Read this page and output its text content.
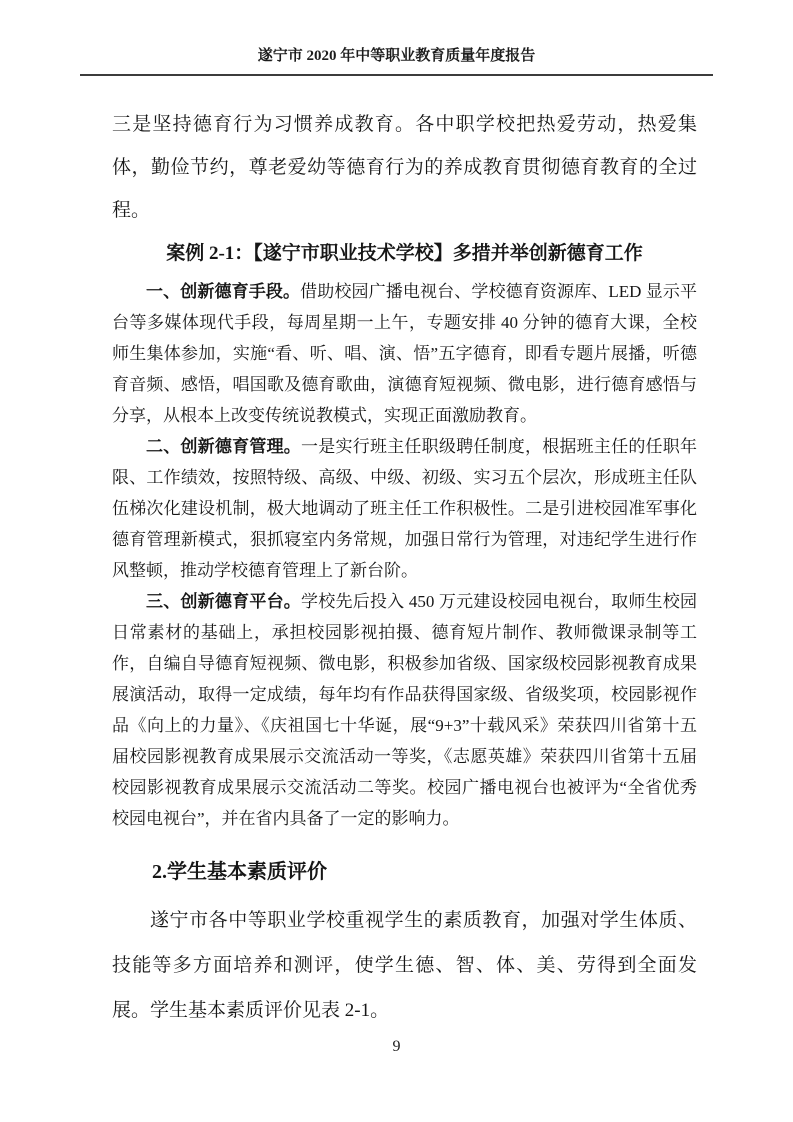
遂宁市 2020 年中等职业教育质量年度报告

三是坚持德育行为习惯养成教育。各中职学校把热爱劳动，热爱集体，勤俭节约，尊老爱幼等德育行为的养成教育贯彻德育教育的全过程。

案例 2-1：【遂宁市职业技术学校】多措并举创新德育工作

一、创新德育手段。借助校园广播电视台、学校德育资源库、LED 显示平台等多媒体现代手段，每周星期一上午，专题安排 40 分钟的德育大课，全校师生集体参加，实施“看、听、唱、演、悟”五字德育，即看专题片展播，听德育音频、感悟，唱国歌及德育歌曲，演德育短视频、微电影，进行德育感悟与分享，从根本上改变传统说教模式，实现正面激励教育。

二、创新德育管理。一是实行班主任职级聘任制度，根据班主任的任职年限、工作绩效，按照特级、高级、中级、初级、实习五个层次，形成班主任队伍梯次化建设机制，极大地调动了班主任工作积极性。二是引进校园准军事化德育管理新模式，狠抓寝室内务常规，加强日常行为管理，对违纪学生进行作风整顿，推动学校德育管理上了新台阶。

三、创新德育平台。学校先后投入 450 万元建设校园电视台，取师生校园日常素材的基础上，承担校园影视拍摄、德育短片制作、教师微课录制等工作，自编自导德育短视频、微电影，积极参加省级、国家级校园影视教育成果展演活动，取得一定成绩，每年均有作品获得国家级、省级奖项，校园影视作品《向上的力量》、《庆祖国七十华诞，展“9+3”十载风采》荣获四川省第十五届校园影视教育成果展示交流活动一等奖，《志愿英雄》荣获四川省第十五届校园影视教育成果展示交流活动二等奖。校园广播电视台也被评为“全省优秀校园电视台”，并在省内具备了一定的影响力。

2.学生基本素质评价

遂宁市各中等职业学校重视学生的素质教育，加强对学生体质、技能等多方面培养和测评，使学生德、智、体、美、劳得到全面发展。学生基本素质评价见表 2-1。

9
